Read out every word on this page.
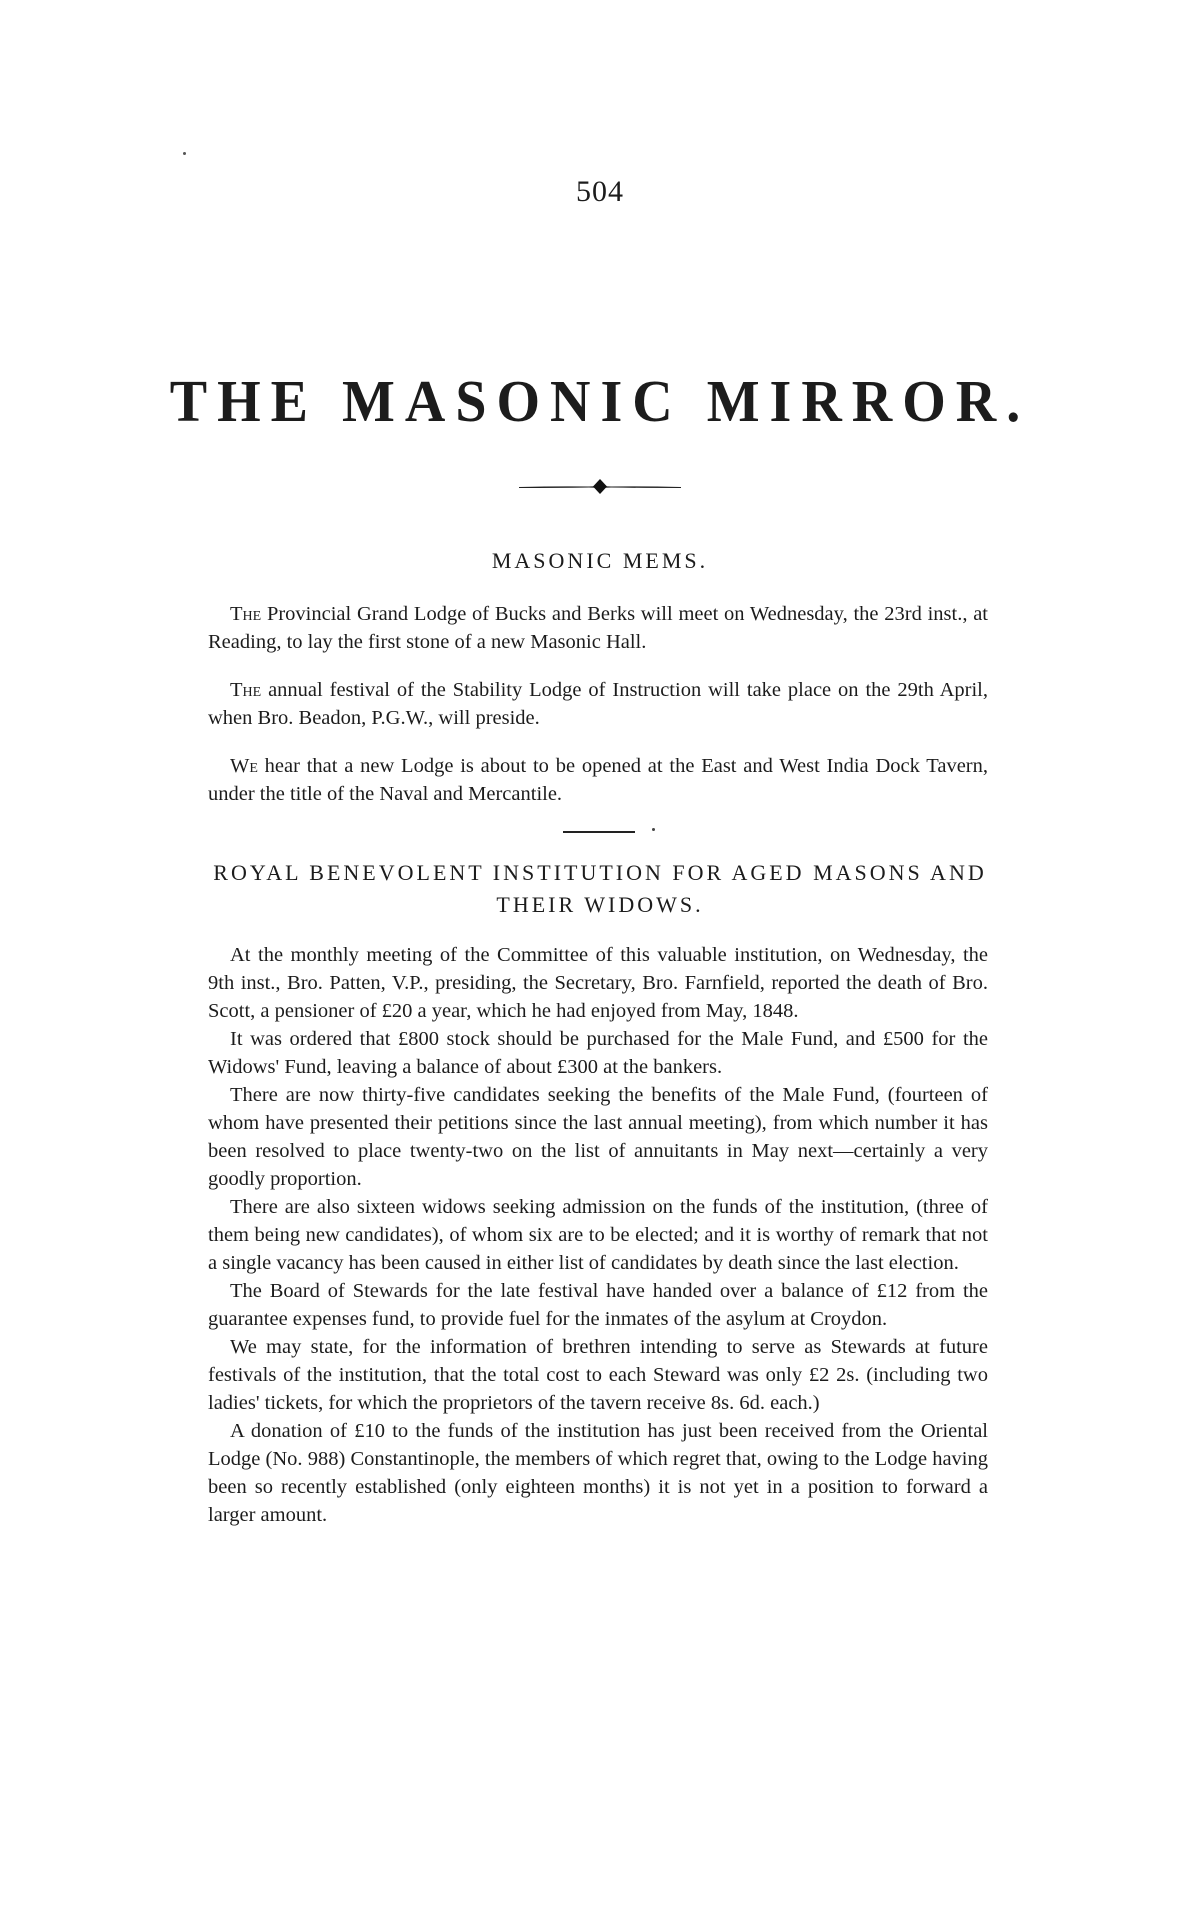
504
THE MASONIC MIRROR.
MASONIC MEMS.

The Provincial Grand Lodge of Bucks and Berks will meet on Wednesday, the 23rd inst., at Reading, to lay the first stone of a new Masonic Hall.

The annual festival of the Stability Lodge of Instruction will take place on the 29th April, when Bro. Beadon, P.G.W., will preside.

We hear that a new Lodge is about to be opened at the East and West India Dock Tavern, under the title of the Naval and Mercantile.

ROYAL BENEVOLENT INSTITUTION FOR AGED MASONS AND
THEIR WIDOWS.

At the monthly meeting of the Committee of this valuable institution, on Wednesday, the 9th inst., Bro. Patten, V.P., presiding, the Secretary, Bro. Farnfield, reported the death of Bro. Scott, a pensioner of £20 a year, which he had enjoyed from May, 1848.

It was ordered that £800 stock should be purchased for the Male Fund, and £500 for the Widows' Fund, leaving a balance of about £300 at the bankers.

There are now thirty-five candidates seeking the benefits of the Male Fund, (fourteen of whom have presented their petitions since the last annual meeting), from which number it has been resolved to place twenty-two on the list of annuitants in May next—certainly a very goodly proportion.

There are also sixteen widows seeking admission on the funds of the institution, (three of them being new candidates), of whom six are to be elected; and it is worthy of remark that not a single vacancy has been caused in either list of candidates by death since the last election.

The Board of Stewards for the late festival have handed over a balance of £12 from the guarantee expenses fund, to provide fuel for the inmates of the asylum at Croydon.

We may state, for the information of brethren intending to serve as Stewards at future festivals of the institution, that the total cost to each Steward was only £2 2s. (including two ladies' tickets, for which the proprietors of the tavern receive 8s. 6d. each.)

A donation of £10 to the funds of the institution has just been received from the Oriental Lodge (No. 988) Constantinople, the members of which regret that, owing to the Lodge having been so recently established (only eighteen months) it is not yet in a position to forward a larger amount.
